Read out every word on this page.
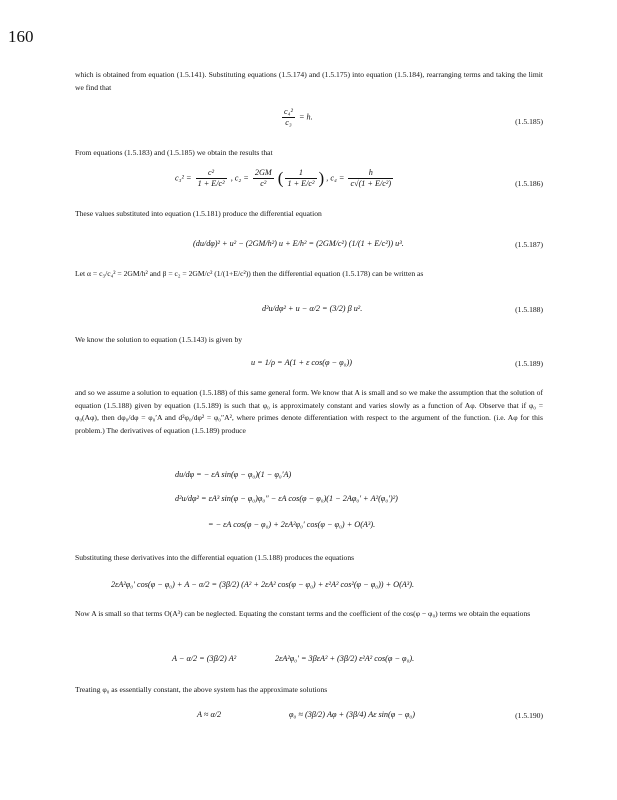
160
which is obtained from equation (1.5.141). Substituting equations (1.5.174) and (1.5.175) into equation (1.5.184), rearranging terms and taking the limit we find that
$\frac{\text{c₄²}}{\text{c₃}} = h$.
(1.5.185)
From equations (1.5.183) and (1.5.185) we obtain the results that
$c_3^2 = \frac{\text{c²}}{\text{1 + E/c²}}$ , $c_2 = \frac{2GM}{\text{c²}}$ ( $\frac{1}{\text{1 + E/c²}}$ ) , $c_4 = \frac{h}{\text{c√(1 + E/c²)}}$	(1.5.186)
These values substituted into equation (1.5.181) produce the differential equation
(du/dφ)² + u² − (2GM/h²) u + E/h² = (2GM/c²) (1/(1 + E/c²)) u³.	(1.5.187)
Let α = c₃/c₄² = 2GM/h² and β = c₂ = 2GM/c² (1/(1+E/c²)) then the differential equation (1.5.178) can be written as
d²u/dφ² + u − α/2 = (3/2) β u².	(1.5.188)
We know the solution to equation (1.5.143) is given by
u = 1/ρ = A(1 + ε cos(φ − φ₀))	(1.5.189)
and so we assume a solution to equation (1.5.188) of this same general form. We know that A is small and so we make the assumption that the solution of equation (1.5.188) given by equation (1.5.189) is such that φ₀ is approximately constant and varies slowly as a function of Aφ. Observe that if φ₀ = φ₀(Aφ), then dφ₀/dφ = φ₀′A and d²φ₀/dφ² = φ₀″A², where primes denote differentiation with respect to the argument of the function. (i.e. Aφ for this problem.) The derivatives of equation (1.5.189) produce
du/dφ = − εA sin(φ − φ₀)(1 − φ₀′A)
d²u/dφ² = εA³ sin(φ − φ₀)φ₀″ − εA cos(φ − φ₀)(1 − 2Aφ₀′ + A²(φ₀′)²)
= − εA cos(φ − φ₀) + 2εA²φ₀′ cos(φ − φ₀) + O(A³).
Substituting these derivatives into the differential equation (1.5.188) produces the equations
2εA²φ₀′ cos(φ − φ₀) + A − α/2 = (3β/2) (A² + 2εA² cos(φ − φ₀) + ε²A² cos²(φ − φ₀)) + O(A³).
Now A is small so that terms O(A³) can be neglected. Equating the constant terms and the coefficient of the cos(φ − φ₀) terms we obtain the equations
A − α/2 = (3β/2) A²	2εA²φ₀′ = 3βεA² + (3β/2) ε²A² cos(φ − φ₀).
Treating φ₀ as essentially constant, the above system has the approximate solutions
A ≈ α/2	φ₀ ≈ (3β/2) Aφ + (3β/4) Aε sin(φ − φ₀)	(1.5.190)
